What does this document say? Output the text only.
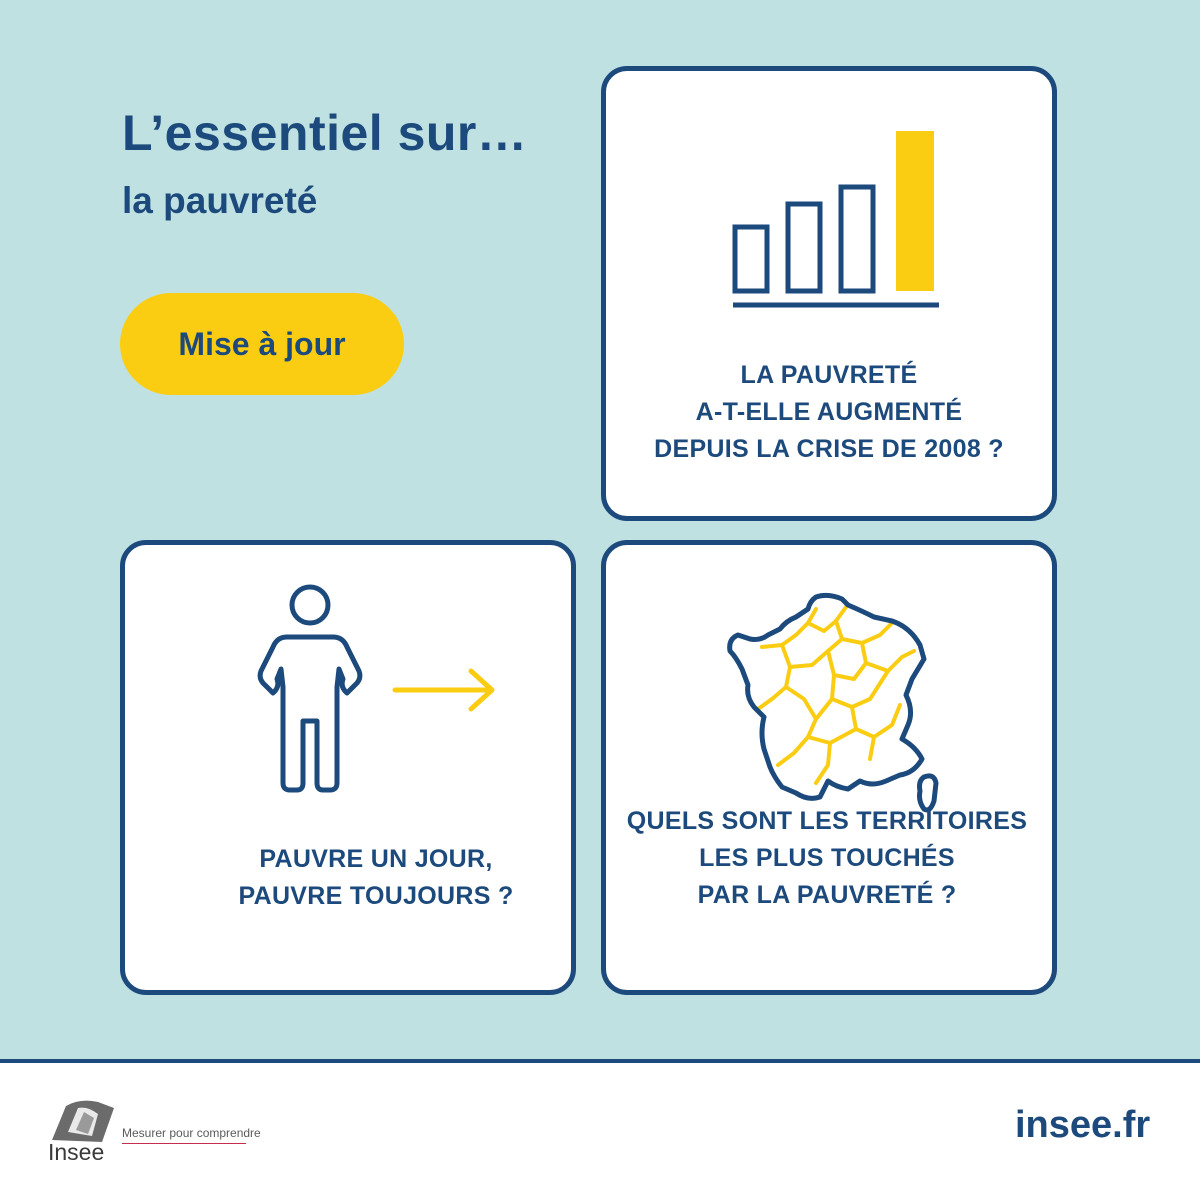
L’essentiel sur…
la pauvreté
Mise à jour
LA PAUVRETÉ
A-T-ELLE AUGMENTÉ
DEPUIS LA CRISE DE 2008 ?
PAUVRE UN JOUR,
PAUVRE TOUJOURS ?
QUELS SONT LES TERRITOIRES
LES PLUS TOUCHÉS
PAR LA PAUVRETÉ ?
Insee
Mesurer pour comprendre	insee.fr
